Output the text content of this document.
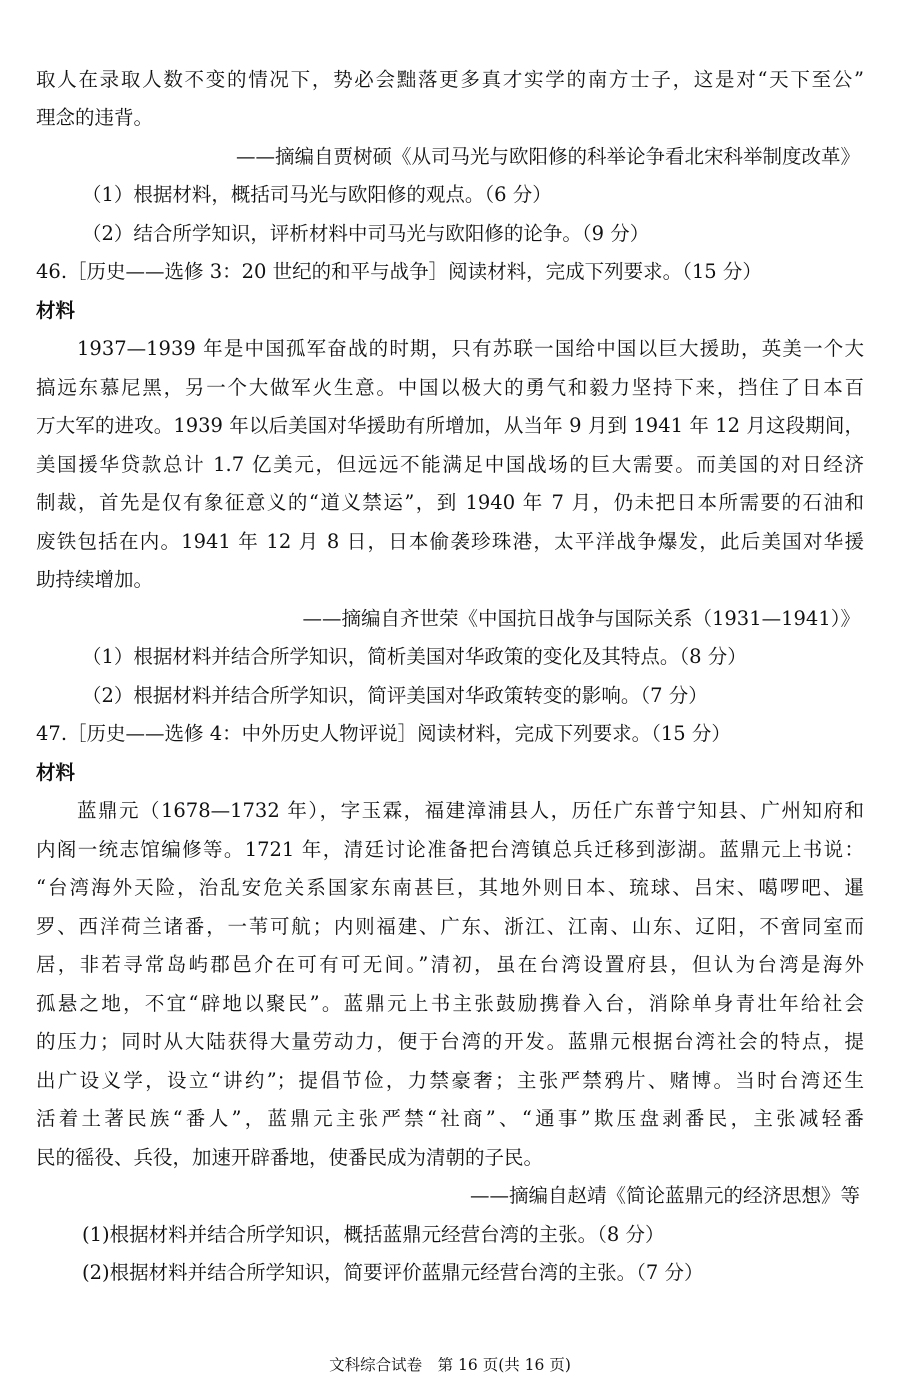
取人在录取人数不变的情况下，势必会黜落更多真才实学的南方士子，这是对“天下至公”
理念的违背。
——摘编自贾树硕《从司马光与欧阳修的科举论争看北宋科举制度改革》
（1）根据材料，概括司马光与欧阳修的观点。（6 分）
（2）结合所学知识，评析材料中司马光与欧阳修的论争。（9 分）
46.［历史——选修 3：20 世纪的和平与战争］阅读材料，完成下列要求。（15 分）
材料
1937—1939 年是中国孤军奋战的时期，只有苏联一国给中国以巨大援助，英美一个大
搞远东慕尼黑，另一个大做军火生意。中国以极大的勇气和毅力坚持下来，挡住了日本百
万大军的进攻。1939 年以后美国对华援助有所增加，从当年 9 月到 1941 年 12 月这段期间，
美国援华贷款总计 1.7 亿美元，但远远不能满足中国战场的巨大需要。而美国的对日经济
制裁，首先是仅有象征意义的“道义禁运”，到 1940 年 7 月，仍未把日本所需要的石油和
废铁包括在内。1941 年 12 月 8 日，日本偷袭珍珠港，太平洋战争爆发，此后美国对华援
助持续增加。
——摘编自齐世荣《中国抗日战争与国际关系（1931—1941）》
（1）根据材料并结合所学知识，简析美国对华政策的变化及其特点。（8 分）
（2）根据材料并结合所学知识，简评美国对华政策转变的影响。（7 分）
47.［历史——选修 4：中外历史人物评说］阅读材料，完成下列要求。（15 分）
材料
蓝鼎元（1678—1732 年），字玉霖，福建漳浦县人，历任广东普宁知县、广州知府和
内阁一统志馆编修等。1721 年，清廷讨论准备把台湾镇总兵迁移到澎湖。蓝鼎元上书说：
“台湾海外天险，治乱安危关系国家东南甚巨，其地外则日本、琉球、吕宋、噶啰吧、暹
罗、西洋荷兰诸番，一苇可航；内则福建、广东、浙江、江南、山东、辽阳，不啻同室而
居，非若寻常岛屿郡邑介在可有可无间。”清初，虽在台湾设置府县，但认为台湾是海外
孤悬之地，不宜“辟地以聚民”。蓝鼎元上书主张鼓励携眷入台，消除单身青壮年给社会
的压力；同时从大陆获得大量劳动力，便于台湾的开发。蓝鼎元根据台湾社会的特点，提
出广设义学，设立“讲约”；提倡节俭，力禁豪奢；主张严禁鸦片、赌博。当时台湾还生
活着土著民族“番人”，蓝鼎元主张严禁“社商”、“通事”欺压盘剥番民，主张减轻番
民的徭役、兵役，加速开辟番地，使番民成为清朝的子民。
——摘编自赵靖《简论蓝鼎元的经济思想》等
(1)根据材料并结合所学知识，概括蓝鼎元经营台湾的主张。（8 分）
(2)根据材料并结合所学知识，简要评价蓝鼎元经营台湾的主张。（7 分）
文科综合试卷　第 16 页(共 16 页)
